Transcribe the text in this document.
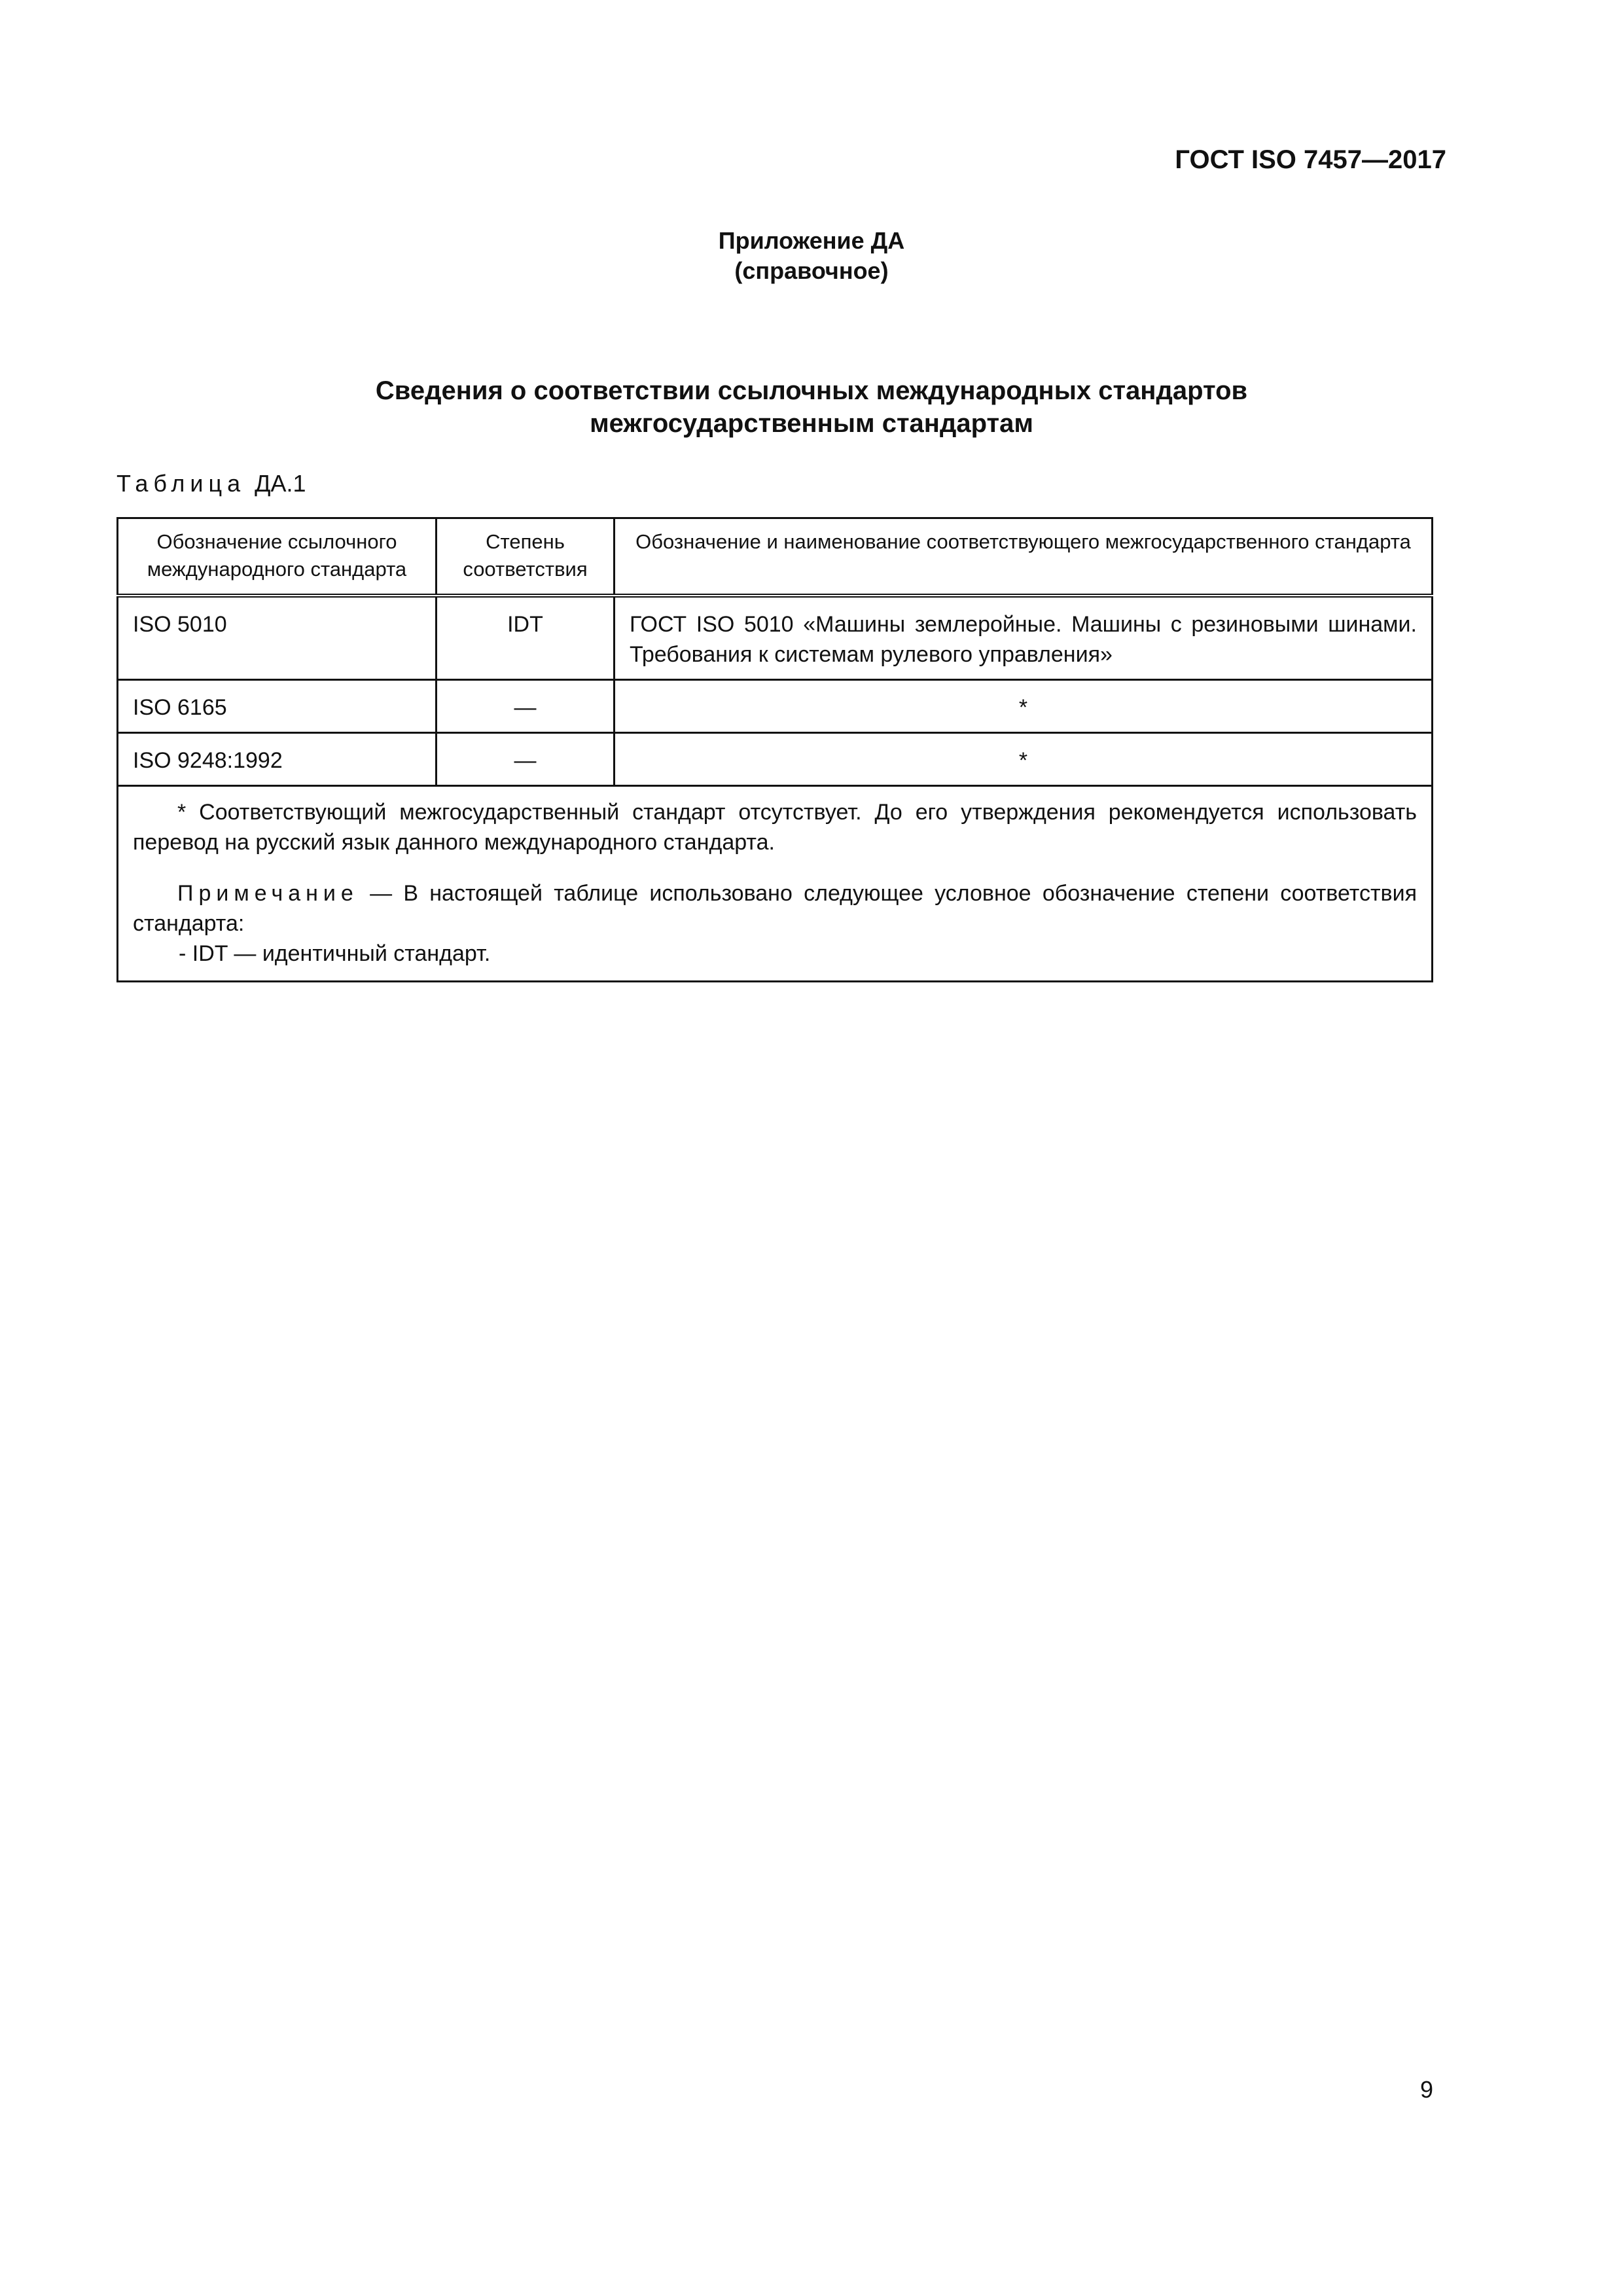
ГОСТ ISO 7457—2017
Приложение ДА
(справочное)
Сведения о соответствии ссылочных международных стандартов
межгосударственным стандартам
Таблица ДА.1
Обозначение ссылочного международного стандарта	Степень соответствия	Обозначение и наименование соответствующего межгосударственного стандарта
ISO 5010	IDT	ГОСТ ISO 5010 «Машины землеройные. Машины с резиновыми шинами. Требования к системам рулевого управления»
ISO 6165	—	*
ISO 9248:1992	—	*

* Соответствующий межгосударственный стандарт отсутствует. До его утверждения рекомендуется использовать перевод на русский язык данного международного стандарта.

Примечание — В настоящей таблице использовано следующее условное обозначение степени соответствия стандарта:

- IDT — идентичный стандарт.		

9
